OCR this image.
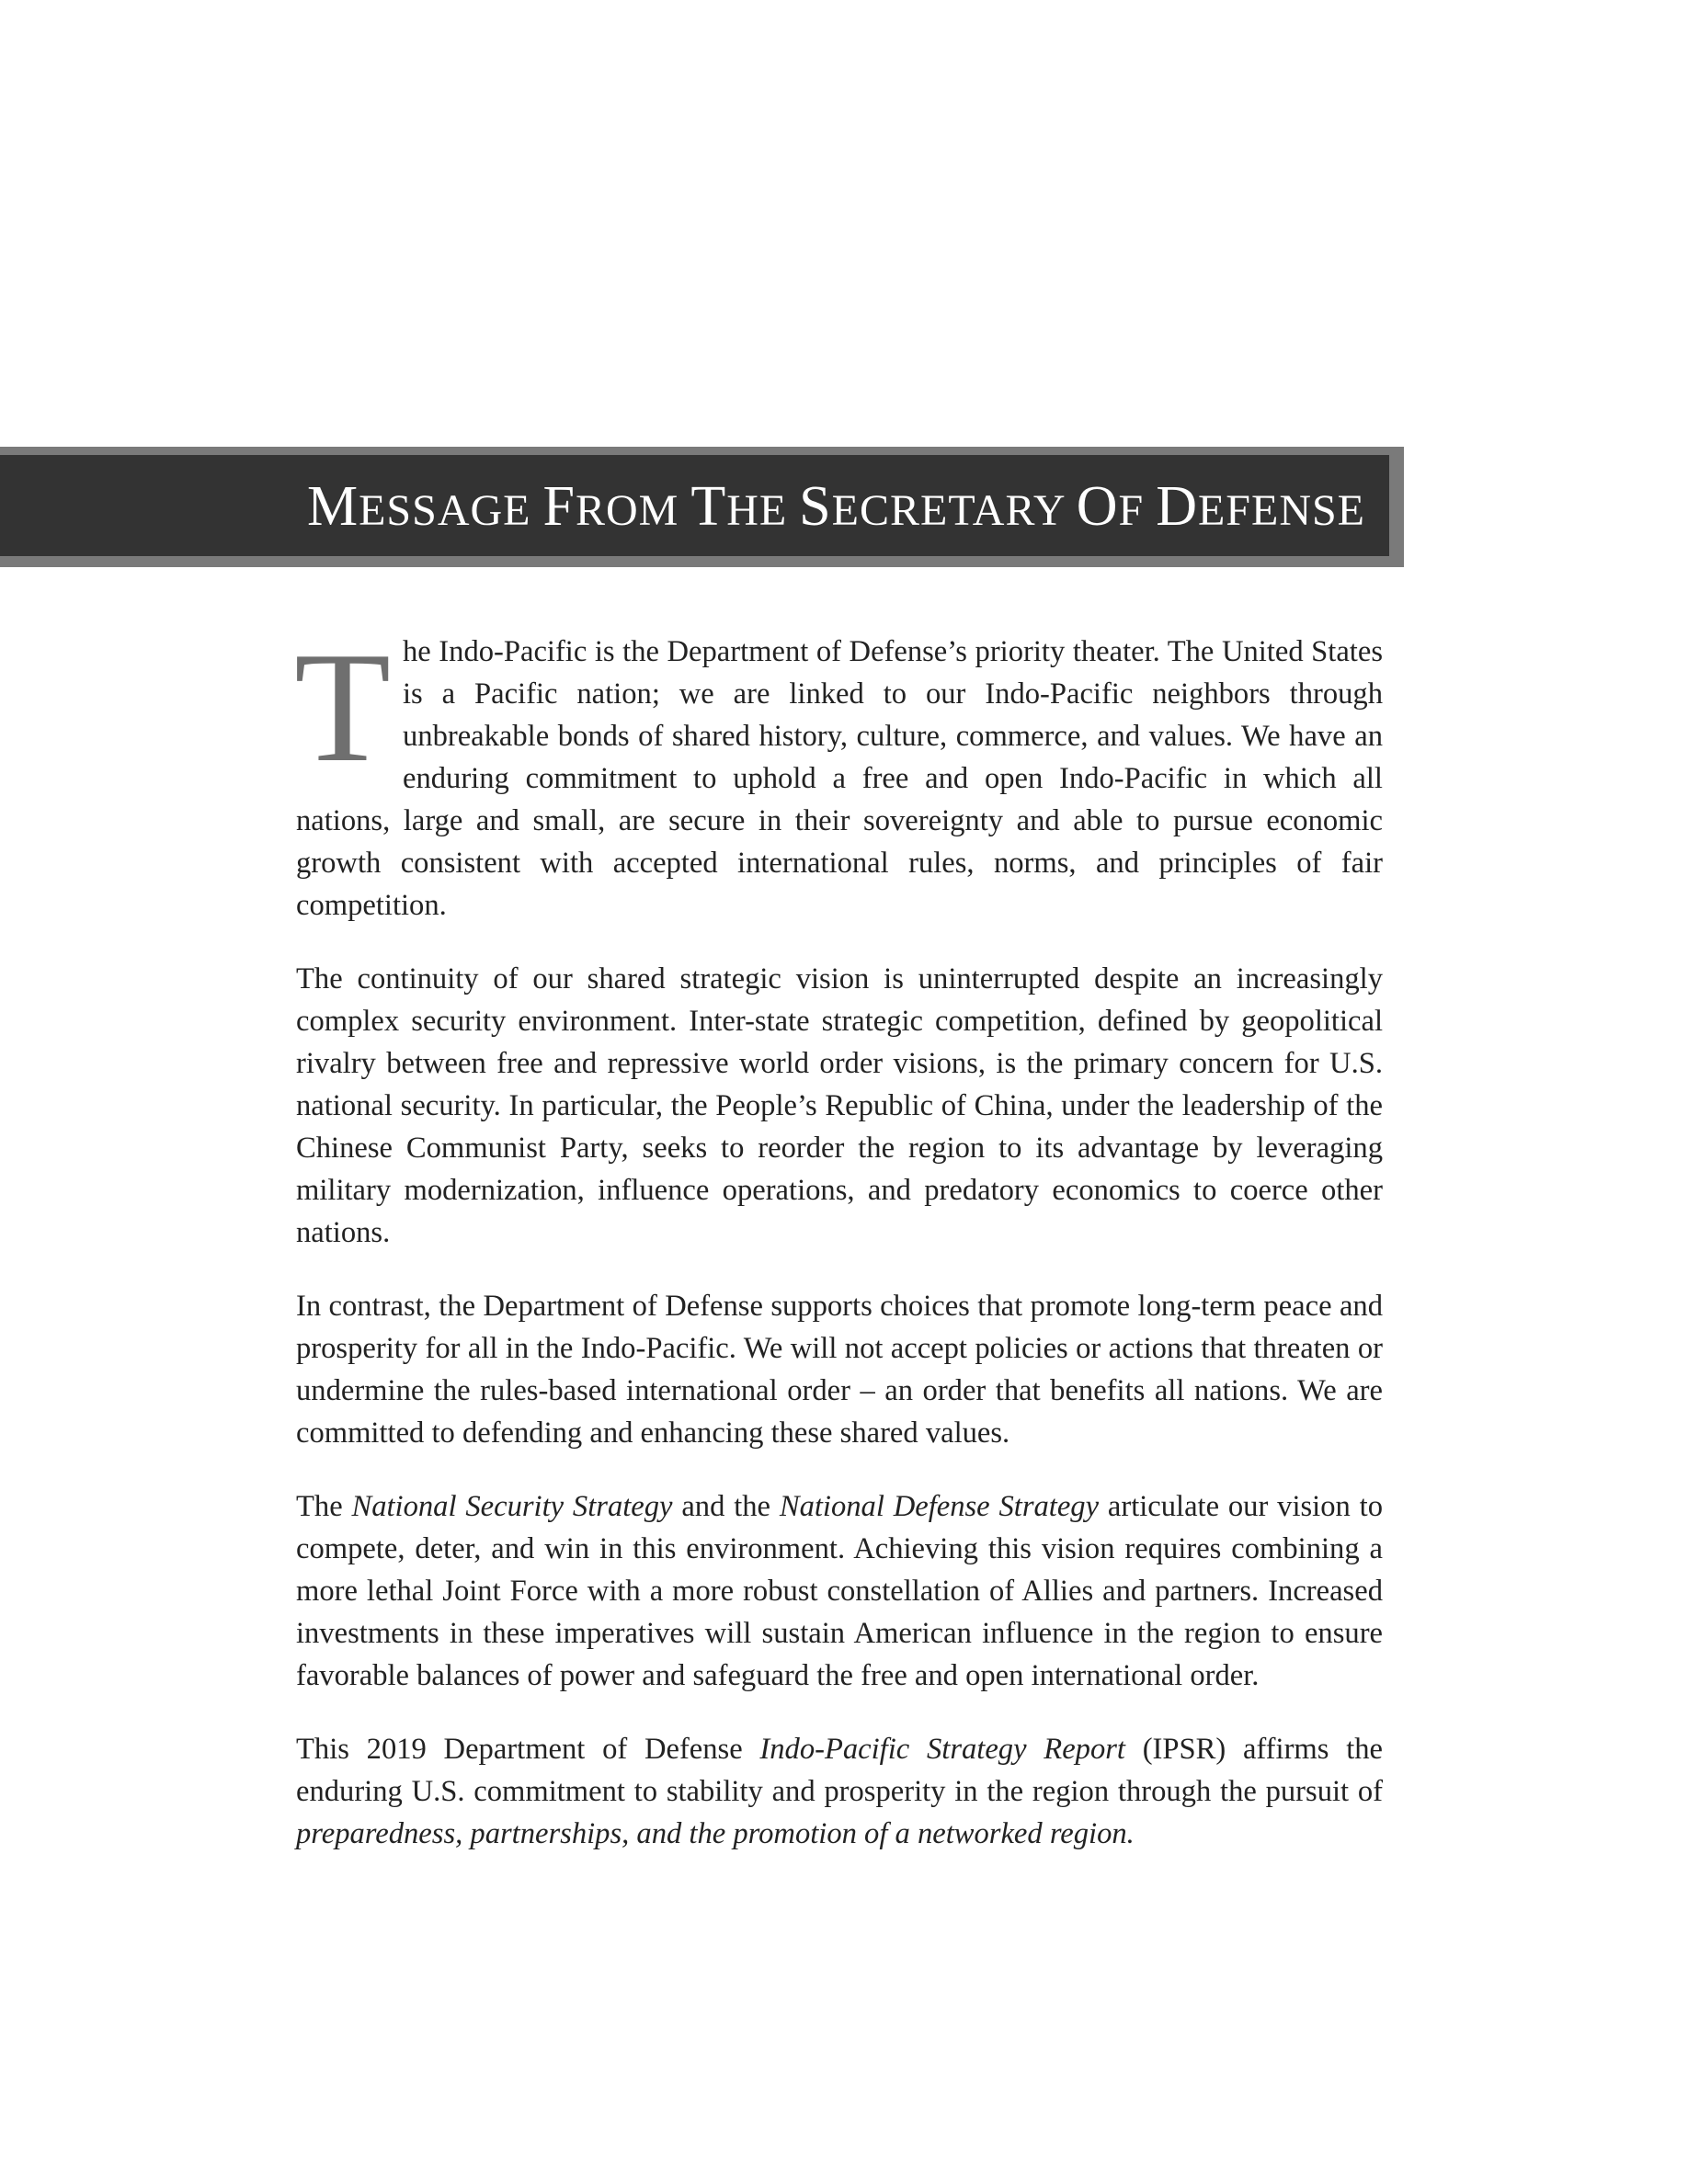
MESSAGE FROM THE SECRETARY OF DEFENSE

The Indo-Pacific is the Department of Defense’s priority theater. The United States is a Pacific nation; we are linked to our Indo-Pacific neighbors through unbreakable bonds of shared history, culture, commerce, and values. We have an enduring commitment to uphold a free and open Indo-Pacific in which all nations, large and small, are secure in their sovereignty and able to pursue economic growth consistent with accepted international rules, norms, and principles of fair competition.

The continuity of our shared strategic vision is uninterrupted despite an increasingly complex security environment. Inter-state strategic competition, defined by geopolitical rivalry between free and repressive world order visions, is the primary concern for U.S. national security. In particular, the People’s Republic of China, under the leadership of the Chinese Communist Party, seeks to reorder the region to its advantage by leveraging military modernization, influence operations, and predatory economics to coerce other nations.

In contrast, the Department of Defense supports choices that promote long-term peace and prosperity for all in the Indo-Pacific. We will not accept policies or actions that threaten or undermine the rules-based international order – an order that benefits all nations. We are committed to defending and enhancing these shared values.

The National Security Strategy and the National Defense Strategy articulate our vision to compete, deter, and win in this environment. Achieving this vision requires combining a more lethal Joint Force with a more robust constellation of Allies and partners. Increased investments in these imperatives will sustain American influence in the region to ensure favorable balances of power and safeguard the free and open international order.

This 2019 Department of Defense Indo-Pacific Strategy Report (IPSR) affirms the enduring U.S. commitment to stability and prosperity in the region through the pursuit of preparedness, partnerships, and the promotion of a networked region.
